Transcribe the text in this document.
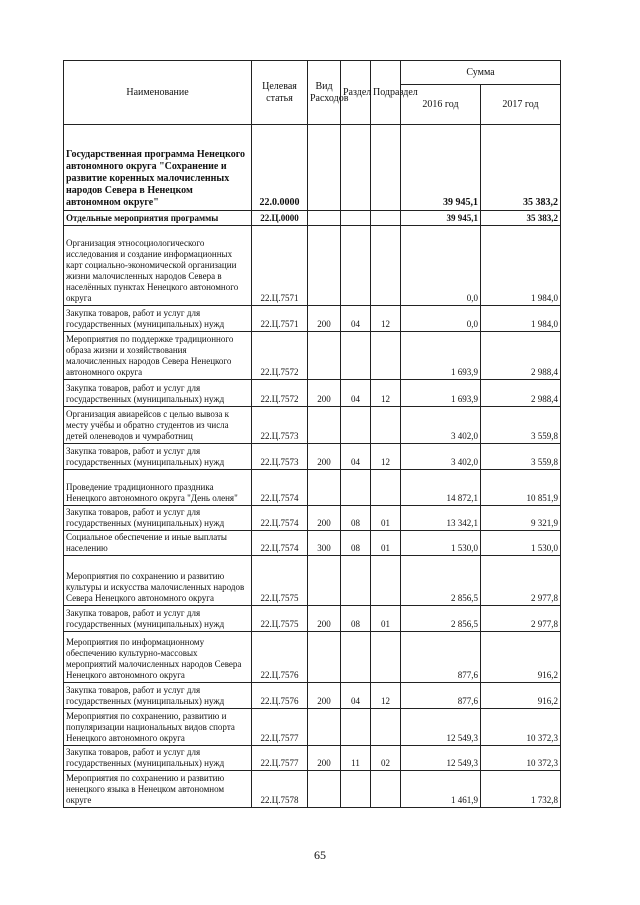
Наименование	Целевая статья	Вид Расходов	Раздел	Подраздел	Сумма	
					2016 год	2017 год
Государственная программа Ненецкого автономного округа "Сохранение и развитие коренных малочисленных народов Севера в Ненецком автономном округе"	22.0.0000				39 945,1	35 383,2
Отдельные мероприятия программы	22.Ц.0000				39 945,1	35 383,2
Организация этносоциологического исследования и создание информационных карт социально-экономической организации жизни малочисленных народов Севера в населённых пунктах Ненецкого автономного округа	22.Ц.7571				0,0	1 984,0
Закупка товаров, работ и услуг для государственных (муниципальных) нужд	22.Ц.7571	200	04	12	0,0	1 984,0
Мероприятия по поддержке традиционного образа жизни и хозяйствования малочисленных народов Севера Ненецкого автономного округа	22.Ц.7572				1 693,9	2 988,4
Закупка товаров, работ и услуг для государственных (муниципальных) нужд	22.Ц.7572	200	04	12	1 693,9	2 988,4
Организация авиарейсов с целью вывоза к месту учёбы и обратно студентов из числа детей оленеводов и чумработниц	22.Ц.7573				3 402,0	3 559,8
Закупка товаров, работ и услуг для государственных (муниципальных) нужд	22.Ц.7573	200	04	12	3 402,0	3 559,8
Проведение традиционного праздника Ненецкого автономного округа "День оленя"	22.Ц.7574				14 872,1	10 851,9
Закупка товаров, работ и услуг для государственных (муниципальных) нужд	22.Ц.7574	200	08	01	13 342,1	9 321,9
Социальное обеспечение и иные выплаты населению	22.Ц.7574	300	08	01	1 530,0	1 530,0
Мероприятия по сохранению и развитию культуры и искусства малочисленных народов Севера Ненецкого автономного округа	22.Ц.7575				2 856,5	2 977,8
Закупка товаров, работ и услуг для государственных (муниципальных) нужд	22.Ц.7575	200	08	01	2 856,5	2 977,8
Мероприятия по информационному обеспечению культурно-массовых мероприятий малочисленных народов Севера Ненецкого автономного округа	22.Ц.7576				877,6	916,2
Закупка товаров, работ и услуг для государственных (муниципальных) нужд	22.Ц.7576	200	04	12	877,6	916,2
Мероприятия по сохранению, развитию и популяризации национальных видов спорта Ненецкого автономного округа	22.Ц.7577				12 549,3	10 372,3
Закупка товаров, работ и услуг для государственных (муниципальных) нужд	22.Ц.7577	200	11	02	12 549,3	10 372,3
Мероприятия по сохранению и развитию ненецкого языка в Ненецком автономном округе	22.Ц.7578				1 461,9	1 732,8
65
